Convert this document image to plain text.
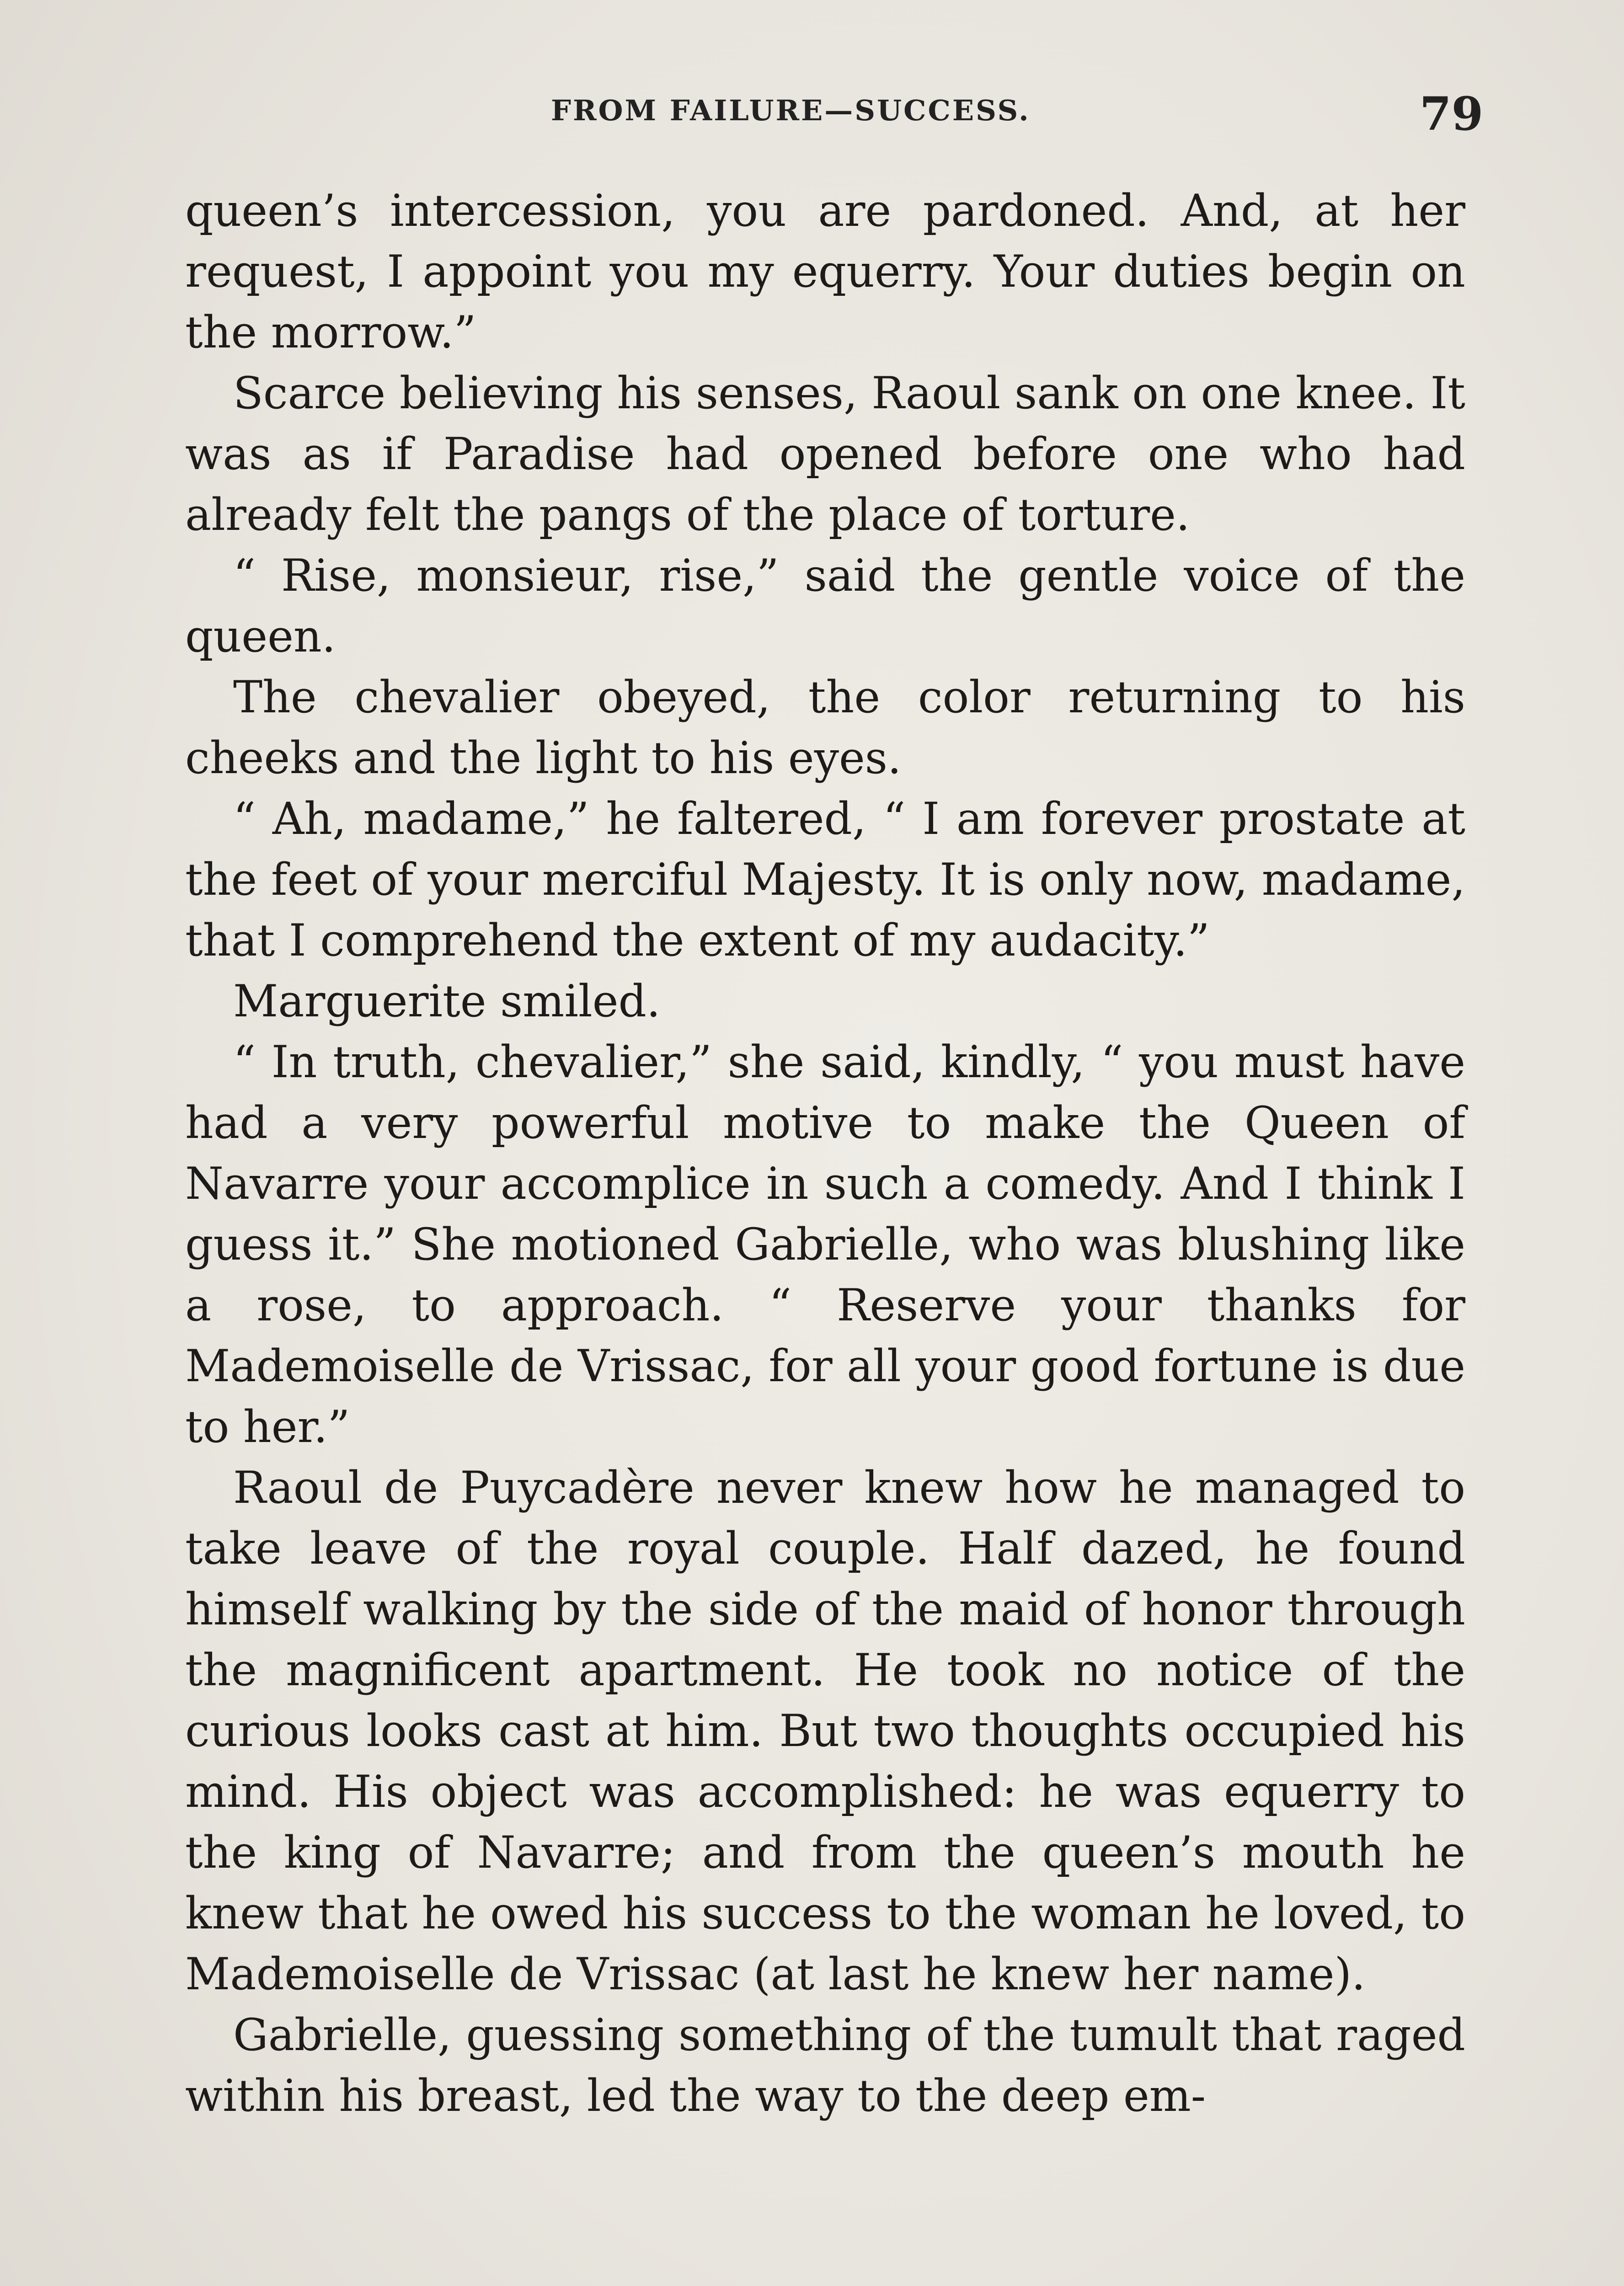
FROM FAILURE—SUCCESS.	79

queen’s intercession, you are pardoned. And, at her request, I appoint you my equerry. Your duties begin on the morrow.”

Scarce believing his senses, Raoul sank on one knee. It was as if Paradise had opened before one who had already felt the pangs of the place of torture.

“ Rise, monsieur, rise,” said the gentle voice of the queen.

The chevalier obeyed, the color returning to his cheeks and the light to his eyes.

“ Ah, madame,” he faltered, “ I am forever prostate at the feet of your merciful Majesty. It is only now, madame, that I comprehend the extent of my audacity.”

Marguerite smiled.

“ In truth, chevalier,” she said, kindly, “ you must have had a very powerful motive to make the Queen of Navarre your accomplice in such a comedy. And I think I guess it.” She motioned Gabrielle, who was blushing like a rose, to approach. “ Reserve your thanks for Mademoiselle de Vrissac, for all your good fortune is due to her.”

Raoul de Puycadère never knew how he managed to take leave of the royal couple. Half dazed, he found himself walking by the side of the maid of honor through the magnificent apartment. He took no notice of the curious looks cast at him. But two thoughts occupied his mind. His object was accomplished: he was equerry to the king of Navarre; and from the queen’s mouth he knew that he owed his success to the woman he loved, to Mademoiselle de Vrissac (at last he knew her name).

Gabrielle, guessing something of the tumult that raged within his breast, led the way to the deep em-
